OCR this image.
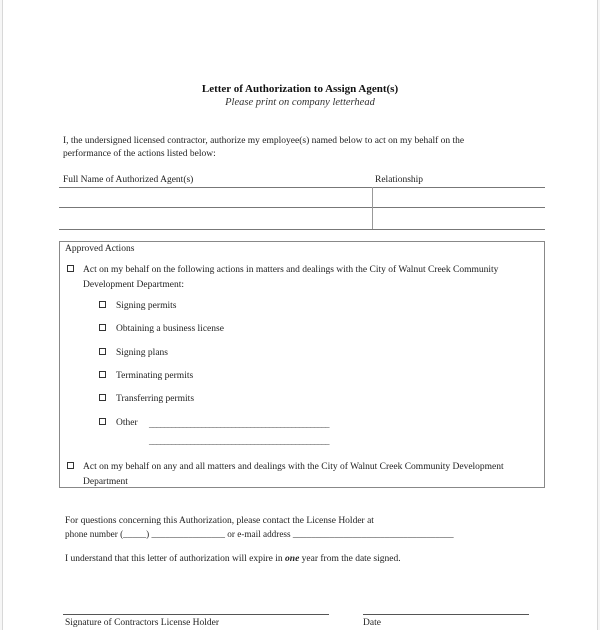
Letter of Authorization to Assign Agent(s)
Please print on company letterhead
I, the undersigned licensed contractor, authorize my employee(s) named below to act on my behalf on the
performance of the actions listed below:
Full Name of Authorized Agent(s)	Relationship
Approved Actions
Act on my behalf on the following actions in matters and dealings with the City of Walnut Creek Community
Development Department:
Signing permits
Obtaining a business license
Signing plans
Terminating permits
Transferring permits
Other ________________________________________________
________________________________________________
Act on my behalf on any and all matters and dealings with the City of Walnut Creek Community Development
Department
For questions concerning this Authorization, please contact the License Holder at
phone number (_____) ________________ or e-mail address ___________________________________
I understand that this letter of authorization will expire in one year from the date signed.
Signature of Contractors License Holder	Date
